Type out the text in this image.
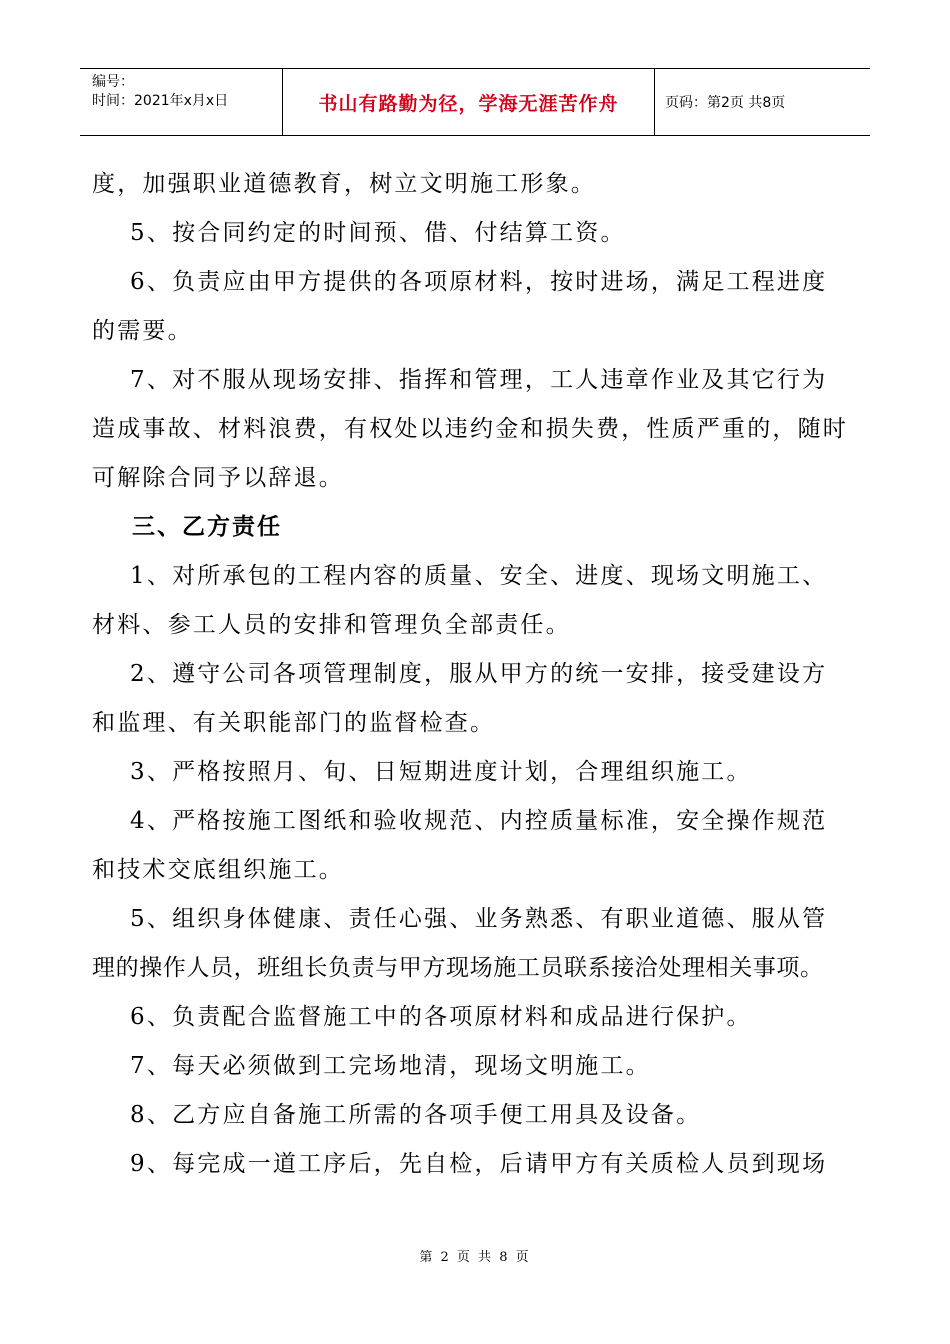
编号：
时间：2021年x月x日	书山有路勤为径，学海无涯苦作舟	页码：第2页 共8页

度，加强职业道德教育，树立文明施工形象。

5、按合同约定的时间预、借、付结算工资。

6、负责应由甲方提供的各项原材料，按时进场，满足工程进度

的需要。

7、对不服从现场安排、指挥和管理，工人违章作业及其它行为

造成事故、材料浪费，有权处以违约金和损失费，性质严重的，随时

可解除合同予以辞退。

三、乙方责任

1、对所承包的工程内容的质量、安全、进度、现场文明施工、

材料、参工人员的安排和管理负全部责任。

2、遵守公司各项管理制度，服从甲方的统一安排，接受建设方

和监理、有关职能部门的监督检查。

3、严格按照月、旬、日短期进度计划，合理组织施工。

4、严格按施工图纸和验收规范、内控质量标准，安全操作规范

和技术交底组织施工。

5、组织身体健康、责任心强、业务熟悉、有职业道德、服从管

理的操作人员，班组长负责与甲方现场施工员联系接洽处理相关事项。

6、负责配合监督施工中的各项原材料和成品进行保护。

7、每天必须做到工完场地清，现场文明施工。

8、乙方应自备施工所需的各项手便工用具及设备。

9、每完成一道工序后，先自检，后请甲方有关质检人员到现场

第 2 页 共 8 页
